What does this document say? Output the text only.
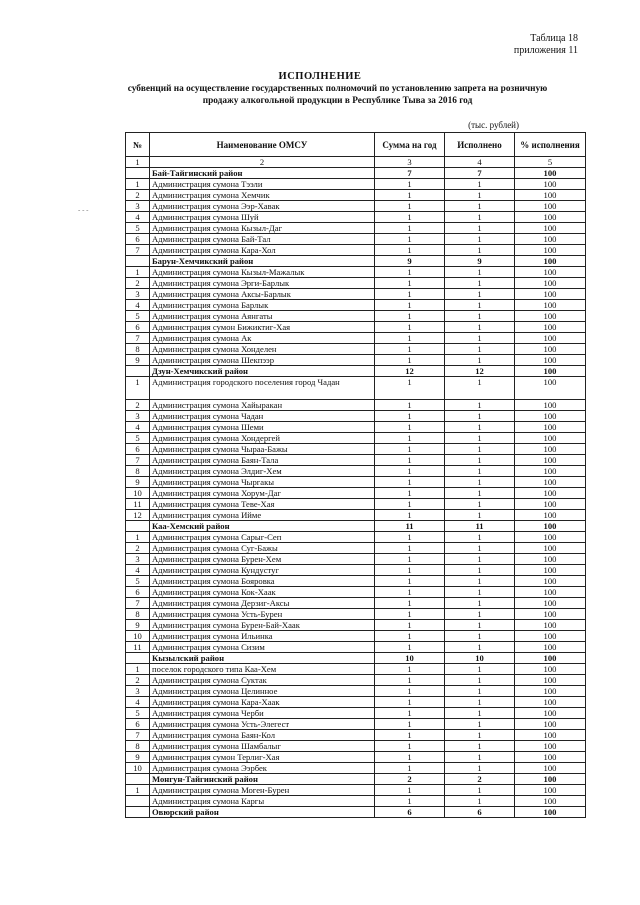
Таблица 18
приложения 11
ИСПОЛНЕНИЕ
субвенций на осуществление государственных полномочий по установлению запрета на розничную продажу алкогольной продукции в Республике Тыва за 2016 год
(тыс. рублей)
‐ ‐ ‐
№	Наименование ОМСУ	Сумма на год	Исполнено	% исполнения
1	2	3	4	5
	Бай-Тайгинский район	7	7	100
1	Администрация сумона Тээли	1	1	100
2	Администрация сумона Хемчик	1	1	100
3	Администрация сумона Ээр-Хавак	1	1	100
4	Администрация сумона Шуй	1	1	100
5	Администрация сумона Кызыл-Даг	1	1	100
6	Администрация сумона Бай-Тал	1	1	100
7	Администрация сумона Кара-Хол	1	1	100
	Барун-Хемчикский район	9	9	100
1	Администрация сумона Кызыл-Мажалык	1	1	100
2	Администрация сумона Эрги-Барлык	1	1	100
3	Администрация сумона Аксы-Барлык	1	1	100
4	Администрация сумона Барлык	1	1	100
5	Администрация сумона Аянгаты	1	1	100
6	Администрация сумон Бижиктиг-Хая	1	1	100
7	Администрация сумона Ак	1	1	100
8	Администрация сумона Хонделен	1	1	100
9	Администрация сумона Шекпээр	1	1	100
	Дзун-Хемчикский район	12	12	100
1	Администрация городского поселения город Чадан	1	1	100
2	Администрация сумона Хайыракан	1	1	100
3	Администрация сумона Чадан	1	1	100
4	Администрация сумона Шеми	1	1	100
5	Администрация сумона Хондергей	1	1	100
6	Администрация сумона Чыраа-Бажы	1	1	100
7	Администрация сумона Баян-Тала	1	1	100
8	Администрация сумона Элдиг-Хем	1	1	100
9	Администрация сумона Чыргакы	1	1	100
10	Администрация сумона Хорум-Даг	1	1	100
11	Администрация сумона Теве-Хая	1	1	100
12	Администрация сумона Ийме	1	1	100
	Каа-Хемский район	11	11	100
1	Администрация сумона Сарыг-Сеп	1	1	100
2	Администрация сумона Суг-Бажы	1	1	100
3	Администрация сумона Бурен-Хем	1	1	100
4	Администрация сумона Кундустуг	1	1	100
5	Администрация сумона Бояровка	1	1	100
6	Администрация сумона Кок-Хаак	1	1	100
7	Администрация сумона Дерзиг-Аксы	1	1	100
8	Администрация сумона Усть-Бурен	1	1	100
9	Администрация сумона Бурен-Бай-Хаак	1	1	100
10	Администрация сумона Ильинка	1	1	100
11	Администрация сумона Сизим	1	1	100
	Кызылский район	10	10	100
1	поселок городского типа Каа-Хем	1	1	100
2	Администрация сумона Суктак	1	1	100
3	Администрация сумона Целинное	1	1	100
4	Администрация сумона Кара-Хаак	1	1	100
5	Администрация сумона Черби	1	1	100
6	Администрация сумона Усть-Элегест	1	1	100
7	Администрация сумона Баян-Кол	1	1	100
8	Администрация сумона Шамбалыг	1	1	100
9	Администрация сумон Терлиг-Хая	1	1	100
10	Администрация сумона Ээрбек	1	1	100
	Монгун-Тайгинский район	2	2	100
1	Администрация сумона Моген-Бурен	1	1	100
	Администрация сумона Каргы	1	1	100
	Овюрский район	6	6	100
